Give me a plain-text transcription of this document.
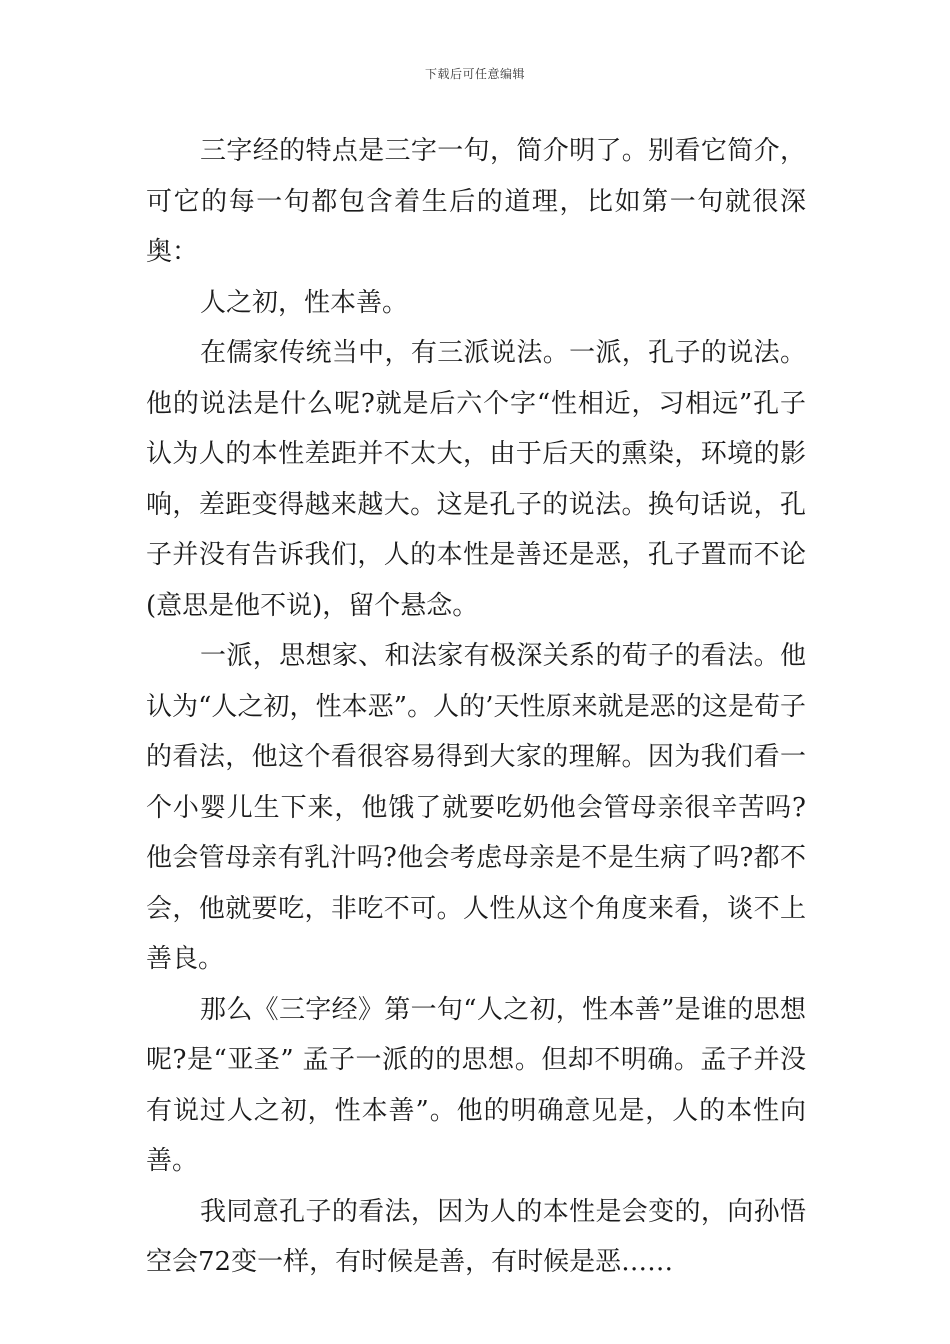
下载后可任意编辑

三字经的特点是三字一句，简介明了。别看它简介，可它的每一句都包含着生后的道理，比如第一句就很深奥：

人之初，性本善。

在儒家传统当中，有三派说法。一派，孔子的说法。他的说法是什么呢?就是后六个字“性相近，习相远”孔子认为人的本性差距并不太大，由于后天的熏染，环境的影响，差距变得越来越大。这是孔子的说法。换句话说，孔子并没有告诉我们，人的本性是善还是恶，孔子置而不论(意思是他不说)，留个悬念。

一派，思想家、和法家有极深关系的荀子的看法。他认为“人之初，性本恶”。人的’天性原来就是恶的这是荀子的看法，他这个看很容易得到大家的理解。因为我们看一个小婴儿生下来，他饿了就要吃奶他会管母亲很辛苦吗?他会管母亲有乳汁吗?他会考虑母亲是不是生病了吗?都不会，他就要吃，非吃不可。人性从这个角度来看，谈不上善良。

那么《三字经》第一句“人之初，性本善”是谁的思想呢?是“亚圣” 孟子一派的的思想。但却不明确。孟子并没有说过人之初，性本善”。他的明确意见是，人的本性向善。

我同意孔子的看法，因为人的本性是会变的，向孙悟空会72变一样，有时候是善，有时候是恶……
